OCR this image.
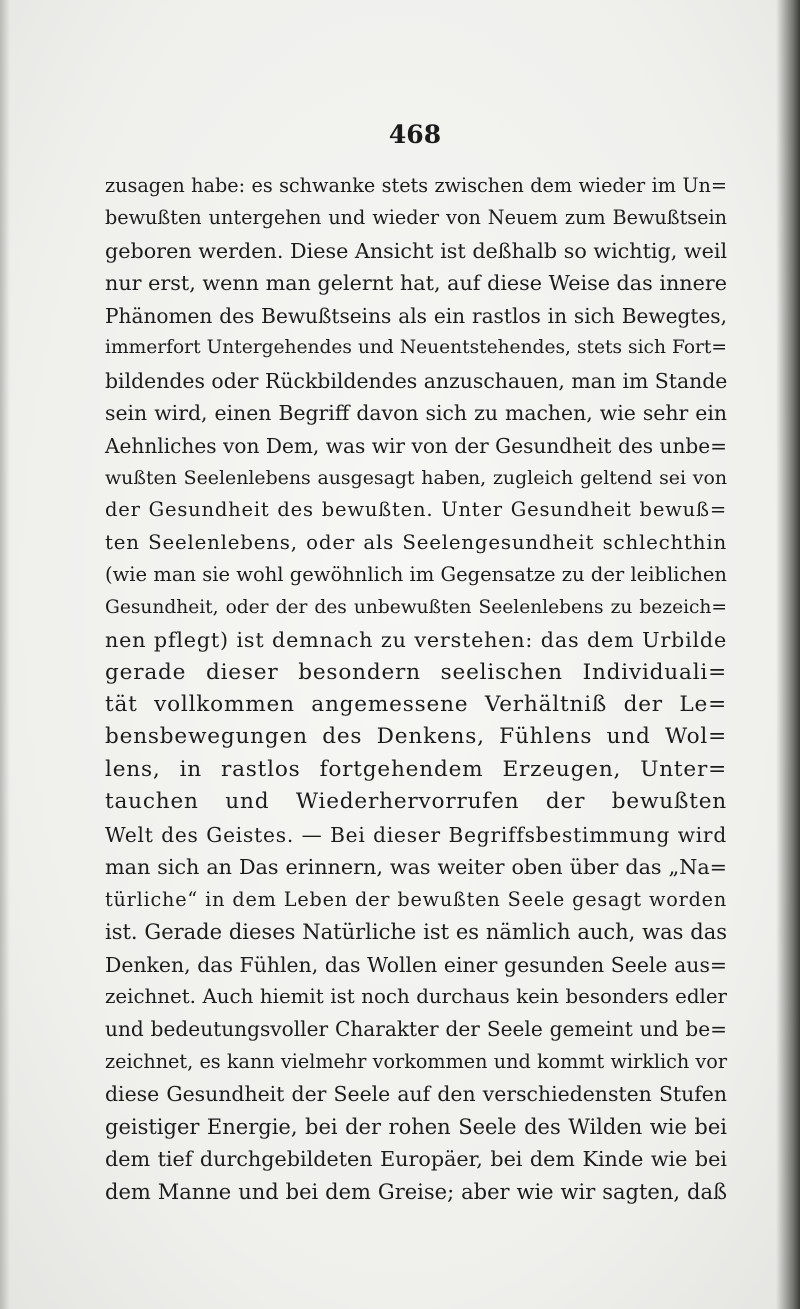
468
zusagen habe: es schwanke stets zwischen dem wieder im Un=
bewußten untergehen und wieder von Neuem zum Bewußtsein
geboren werden. Diese Ansicht ist deßhalb so wichtig, weil
nur erst, wenn man gelernt hat, auf diese Weise das innere
Phänomen des Bewußtseins als ein rastlos in sich Bewegtes,
immerfort Untergehendes und Neuentstehendes, stets sich Fort=
bildendes oder Rückbildendes anzuschauen, man im Stande
sein wird, einen Begriff davon sich zu machen, wie sehr ein
Aehnliches von Dem, was wir von der Gesundheit des unbe=
wußten Seelenlebens ausgesagt haben, zugleich geltend sei von
der Gesundheit des bewußten. Unter Gesundheit bewuß=
ten Seelenlebens, oder als Seelengesundheit schlechthin
(wie man sie wohl gewöhnlich im Gegensatze zu der leiblichen
Gesundheit, oder der des unbewußten Seelenlebens zu bezeich=
nen pflegt) ist demnach zu verstehen: das dem Urbilde
gerade dieser besondern seelischen Individuali=
tät vollkommen angemessene Verhältniß der Le=
bensbewegungen des Denkens, Fühlens und Wol=
lens, in rastlos fortgehendem Erzeugen, Unter=
tauchen und Wiederhervorrufen der bewußten
Welt des Geistes. — Bei dieser Begriffsbestimmung wird
man sich an Das erinnern, was weiter oben über das „Na=
türliche“ in dem Leben der bewußten Seele gesagt worden
ist. Gerade dieses Natürliche ist es nämlich auch, was das
Denken, das Fühlen, das Wollen einer gesunden Seele aus=
zeichnet. Auch hiemit ist noch durchaus kein besonders edler
und bedeutungsvoller Charakter der Seele gemeint und be=
zeichnet, es kann vielmehr vorkommen und kommt wirklich vor
diese Gesundheit der Seele auf den verschiedensten Stufen
geistiger Energie, bei der rohen Seele des Wilden wie bei
dem tief durchgebildeten Europäer, bei dem Kinde wie bei
dem Manne und bei dem Greise; aber wie wir sagten, daß
